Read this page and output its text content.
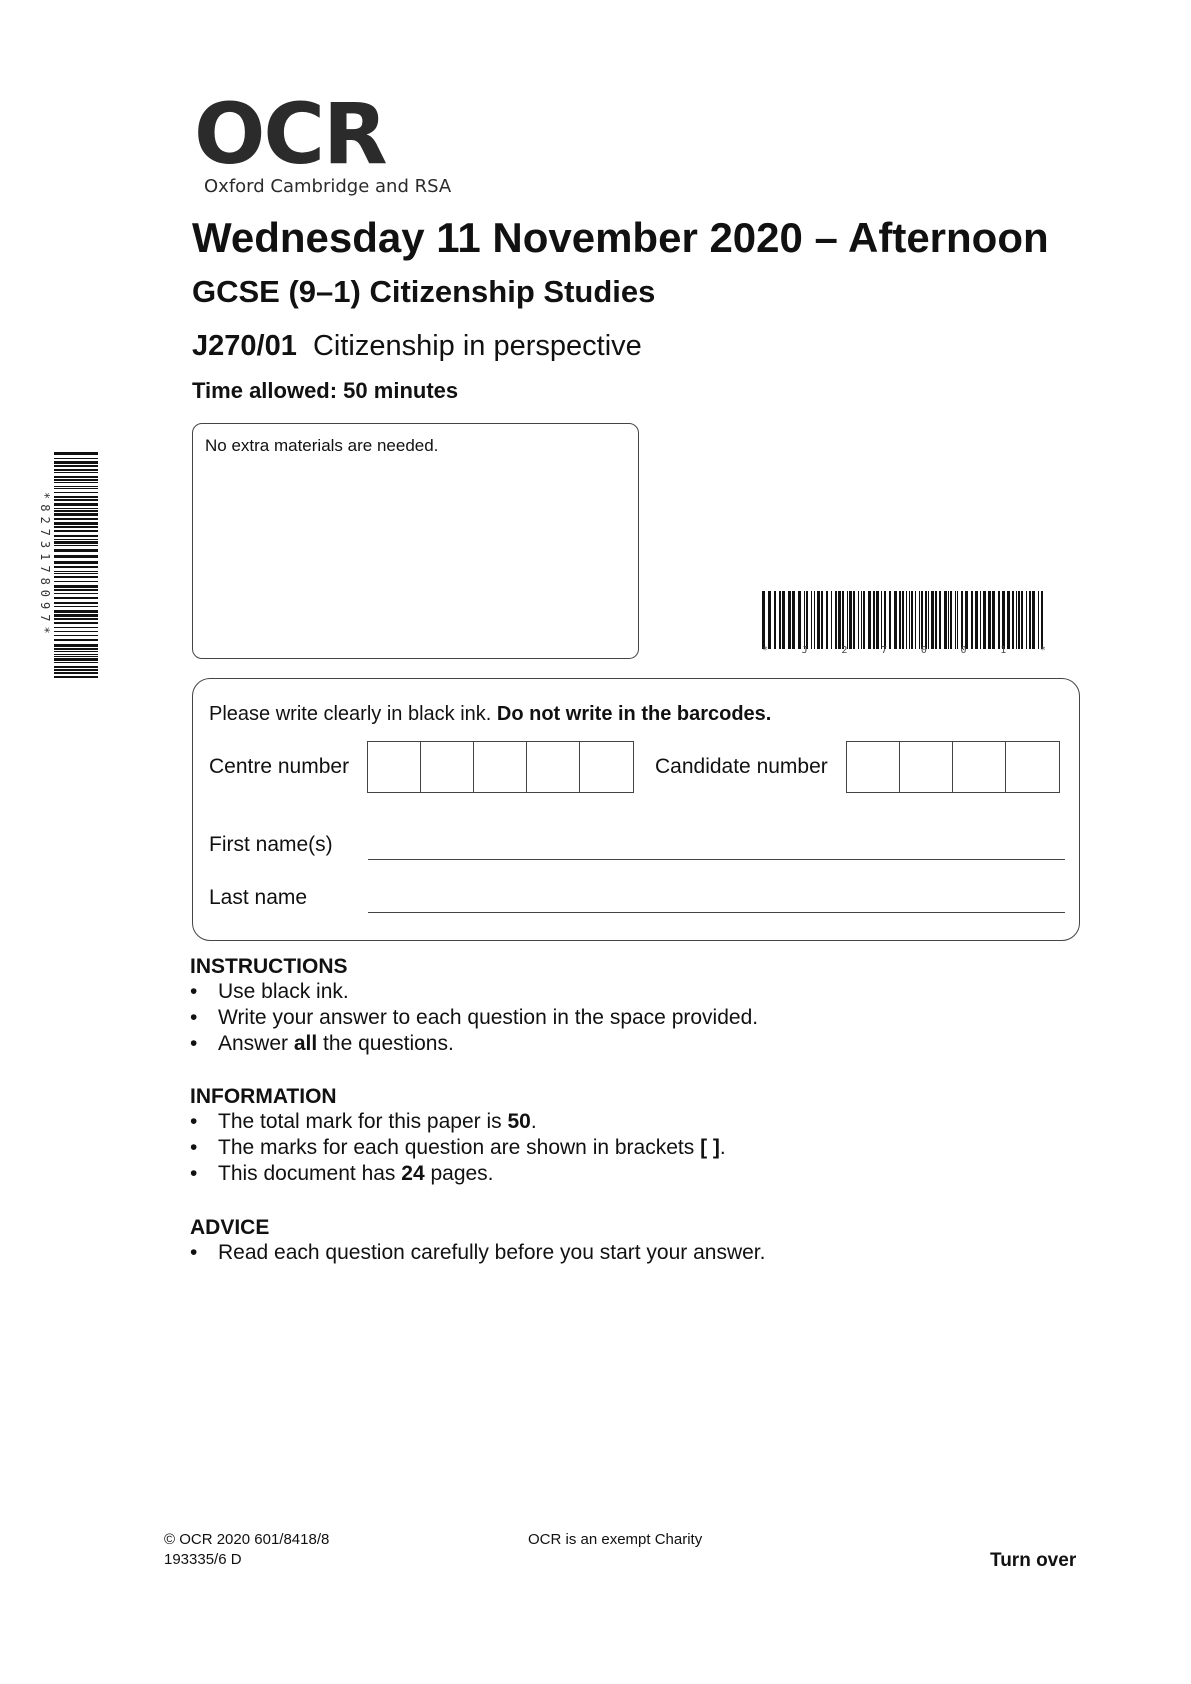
OCR
Oxford Cambridge and RSA
Wednesday 11 November 2020 – Afternoon
GCSE (9–1) Citizenship Studies
J270/01 Citizenship in perspective
Time allowed: 50 minutes
*8273178097*
No extra materials are needed.
*	J	2	7	0	0	1	*
Please write clearly in black ink. Do not write in the barcodes.
Centre number	Candidate number
First name(s)
Last name
INSTRUCTIONS
• Use black ink.
• Write your answer to each question in the space provided.
• Answer all the questions.
INFORMATION
• The total mark for this paper is 50.
• The marks for each question are shown in brackets [ ].
• This document has 24 pages.
ADVICE
• Read each question carefully before you start your answer.
© OCR 2020 601/8418/8
193335/6 D
OCR is an exempt Charity
Turn over
